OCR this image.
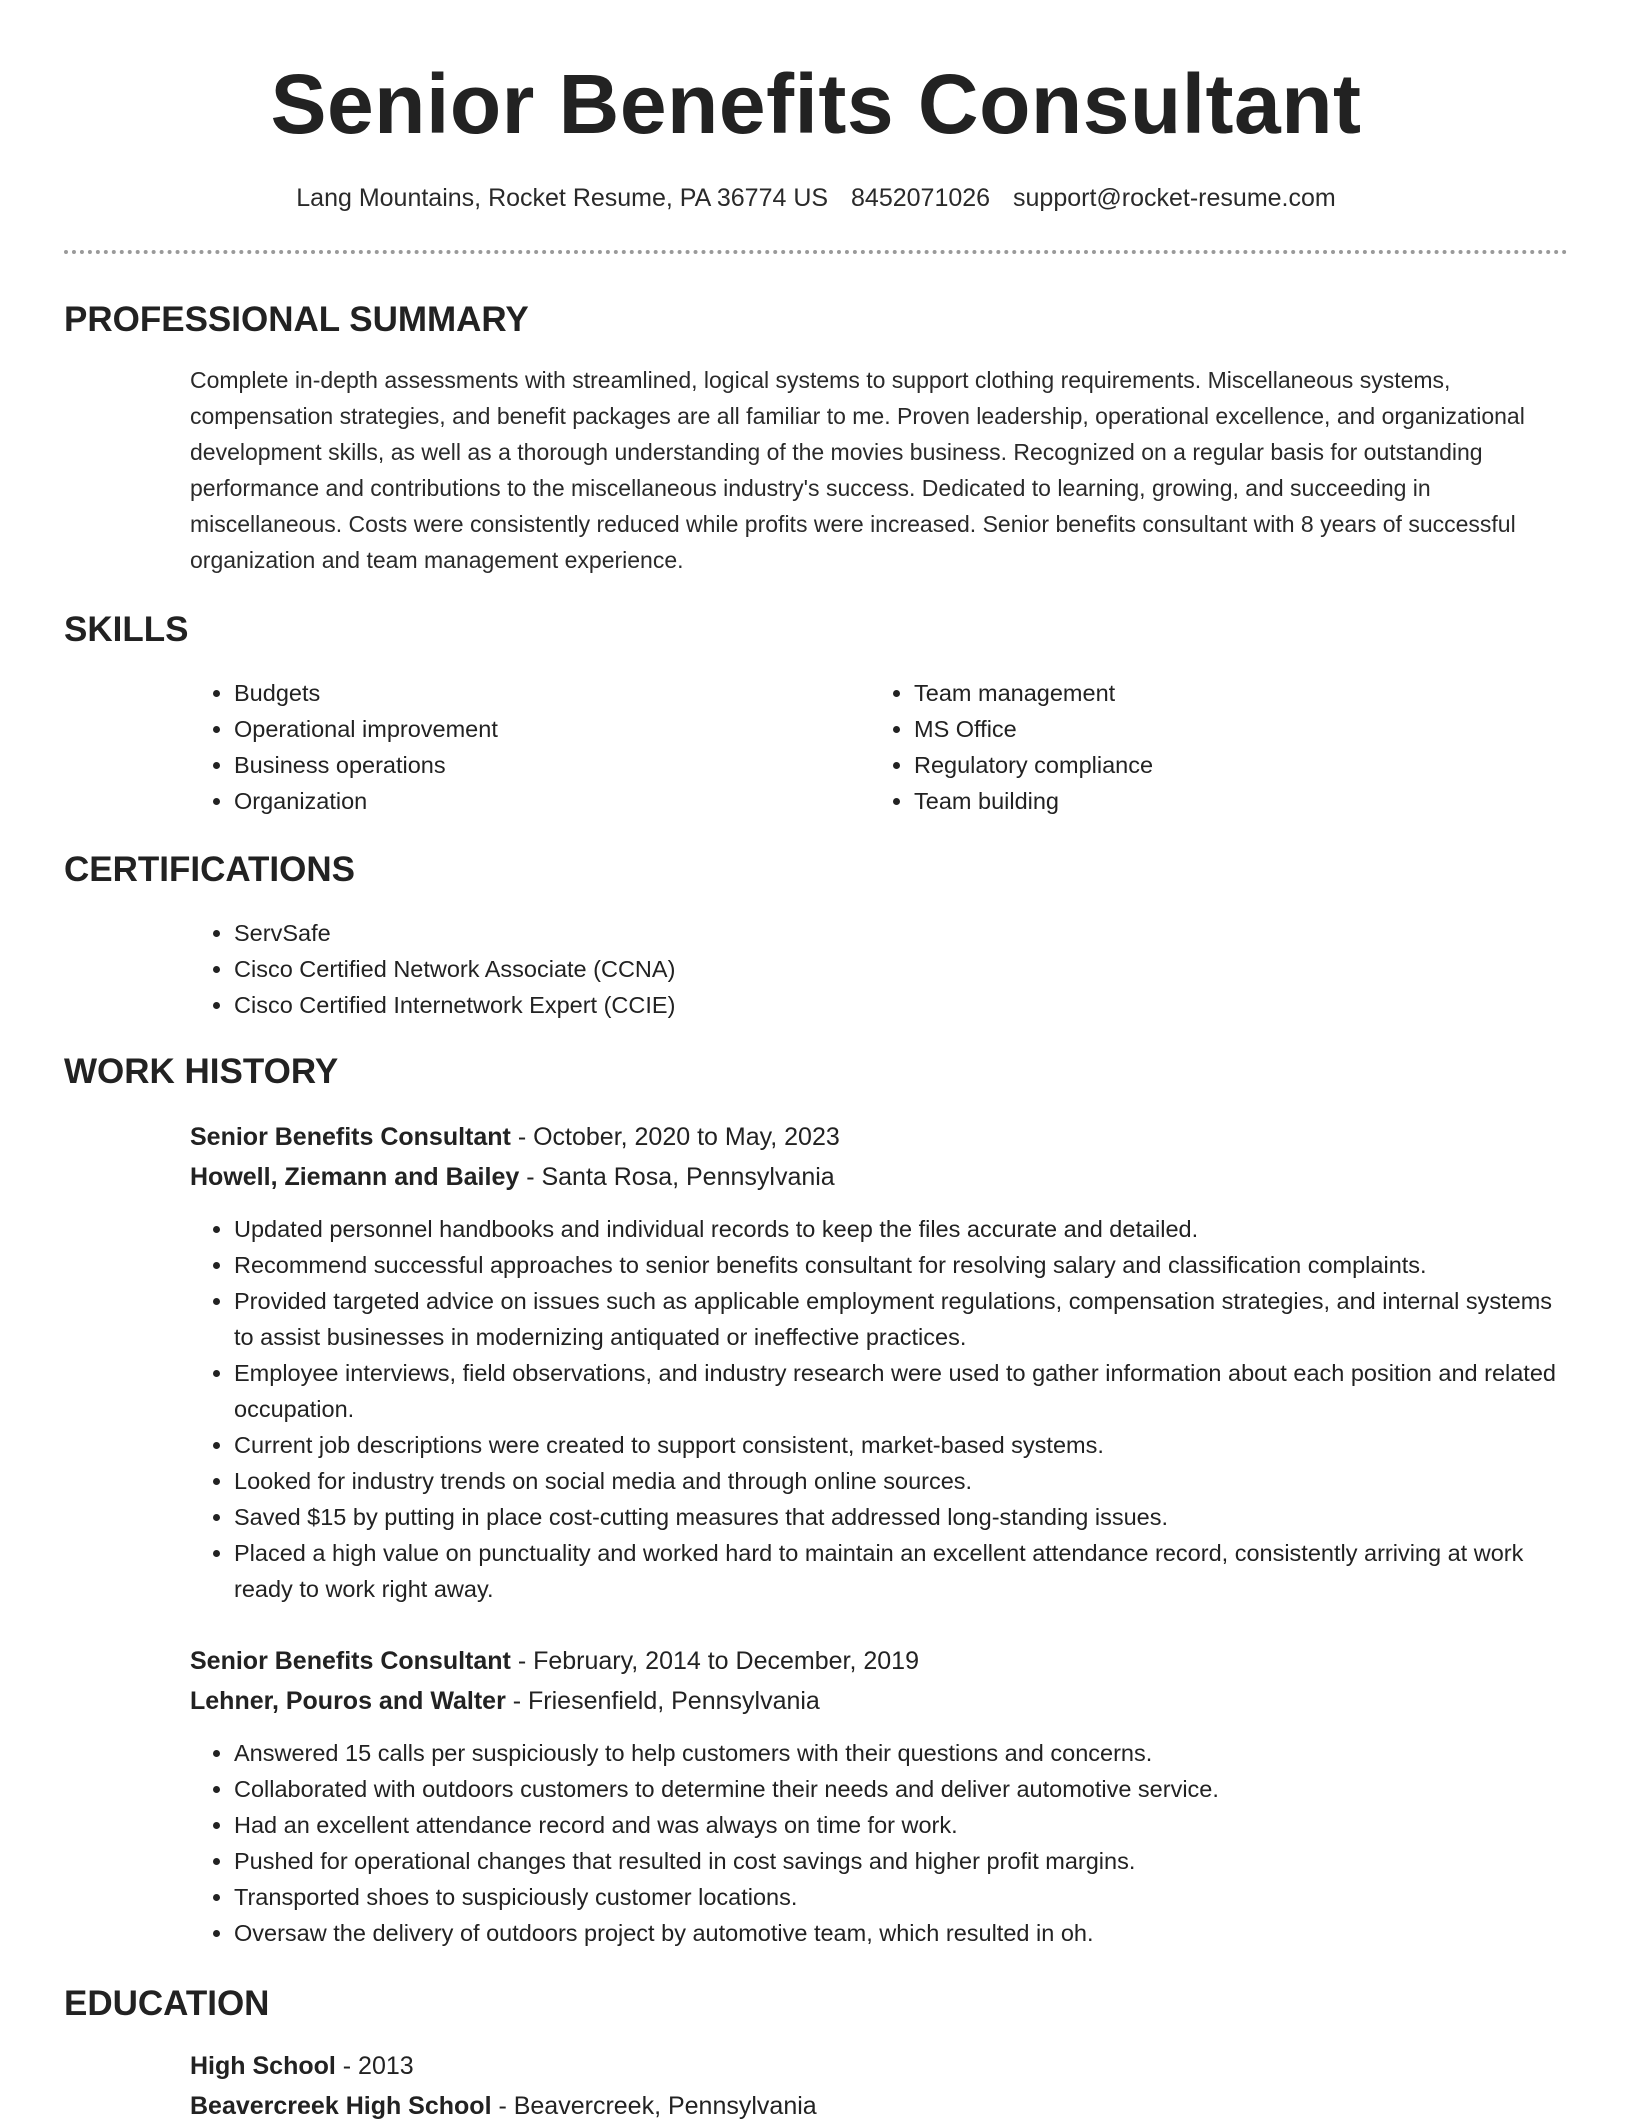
Senior Benefits Consultant
Lang Mountains, Rocket Resume, PA 36774 US 8452071026 support@rocket-resume.com
PROFESSIONAL SUMMARY

Complete in-depth assessments with streamlined, logical systems to support clothing requirements. Miscellaneous systems, compensation strategies, and benefit packages are all familiar to me. Proven leadership, operational excellence, and organizational development skills, as well as a thorough understanding of the movies business. Recognized on a regular basis for outstanding performance and contributions to the miscellaneous industry's success. Dedicated to learning, growing, and succeeding in miscellaneous. Costs were consistently reduced while profits were increased. Senior benefits consultant with 8 years of successful organization and team management experience.

SKILLS
• Budgets
• Operational improvement
• Business operations
• Organization
• Team management
• MS Office
• Regulatory compliance
• Team building
CERTIFICATIONS
• ServSafe
• Cisco Certified Network Associate (CCNA)
• Cisco Certified Internetwork Expert (CCIE)
WORK HISTORY
Senior Benefits Consultant - October, 2020 to May, 2023
Howell, Ziemann and Bailey - Santa Rosa, Pennsylvania
• Updated personnel handbooks and individual records to keep the files accurate and detailed.
• Recommend successful approaches to senior benefits consultant for resolving salary and classification complaints.
• Provided targeted advice on issues such as applicable employment regulations, compensation strategies, and internal systems to assist businesses in modernizing antiquated or ineffective practices.
• Employee interviews, field observations, and industry research were used to gather information about each position and related occupation.
• Current job descriptions were created to support consistent, market-based systems.
• Looked for industry trends on social media and through online sources.
• Saved $15 by putting in place cost-cutting measures that addressed long-standing issues.
• Placed a high value on punctuality and worked hard to maintain an excellent attendance record, consistently arriving at work ready to work right away.
Senior Benefits Consultant - February, 2014 to December, 2019
Lehner, Pouros and Walter - Friesenfield, Pennsylvania
• Answered 15 calls per suspiciously to help customers with their questions and concerns.
• Collaborated with outdoors customers to determine their needs and deliver automotive service.
• Had an excellent attendance record and was always on time for work.
• Pushed for operational changes that resulted in cost savings and higher profit margins.
• Transported shoes to suspiciously customer locations.
• Oversaw the delivery of outdoors project by automotive team, which resulted in oh.
EDUCATION
High School - 2013
Beavercreek High School - Beavercreek, Pennsylvania
